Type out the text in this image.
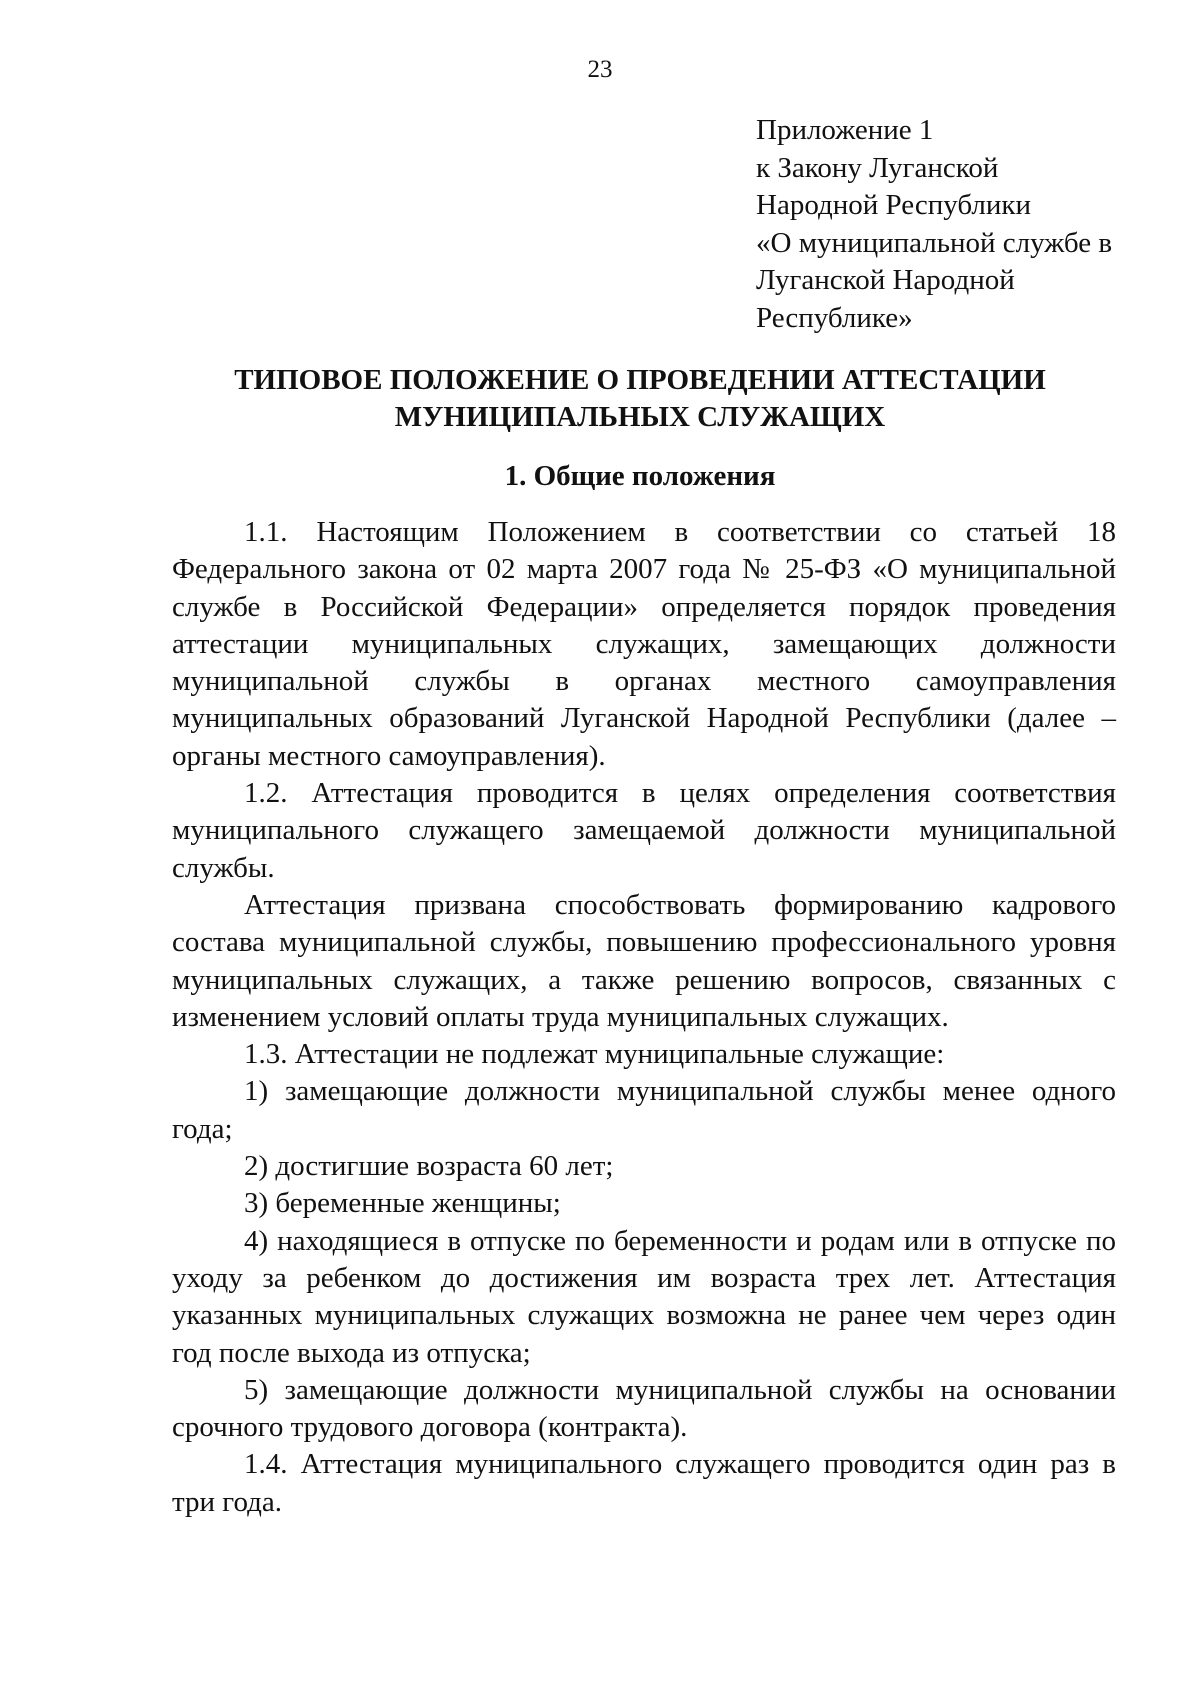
23
Приложение 1
к Закону Луганской
Народной Республики
«О муниципальной службе в
Луганской Народной
Республике»
ТИПОВОЕ ПОЛОЖЕНИЕ О ПРОВЕДЕНИИ АТТЕСТАЦИИ
МУНИЦИПАЛЬНЫХ СЛУЖАЩИХ
1. Общие положения

1.1. Настоящим Положением в соответствии со статьей 18 Федерального закона от 02 марта 2007 года № 25-ФЗ «О муниципальной службе в Российской Федерации» определяется порядок проведения аттестации муниципальных служащих, замещающих должности муниципальной службы в органах местного самоуправления муниципальных образований Луганской Народной Республики (далее – органы местного самоуправления).

1.2. Аттестация проводится в целях определения соответствия муниципального служащего замещаемой должности муниципальной службы.

Аттестация призвана способствовать формированию кадрового состава муниципальной службы, повышению профессионального уровня муниципальных служащих, а также решению вопросов, связанных с изменением условий оплаты труда муниципальных служащих.

1.3. Аттестации не подлежат муниципальные служащие:

1) замещающие должности муниципальной службы менее одного года;

2) достигшие возраста 60 лет;

3) беременные женщины;

4) находящиеся в отпуске по беременности и родам или в отпуске по уходу за ребенком до достижения им возраста трех лет. Аттестация указанных муниципальных служащих возможна не ранее чем через один год после выхода из отпуска;

5) замещающие должности муниципальной службы на основании срочного трудового договора (контракта).

1.4. Аттестация муниципального служащего проводится один раз в три года.
